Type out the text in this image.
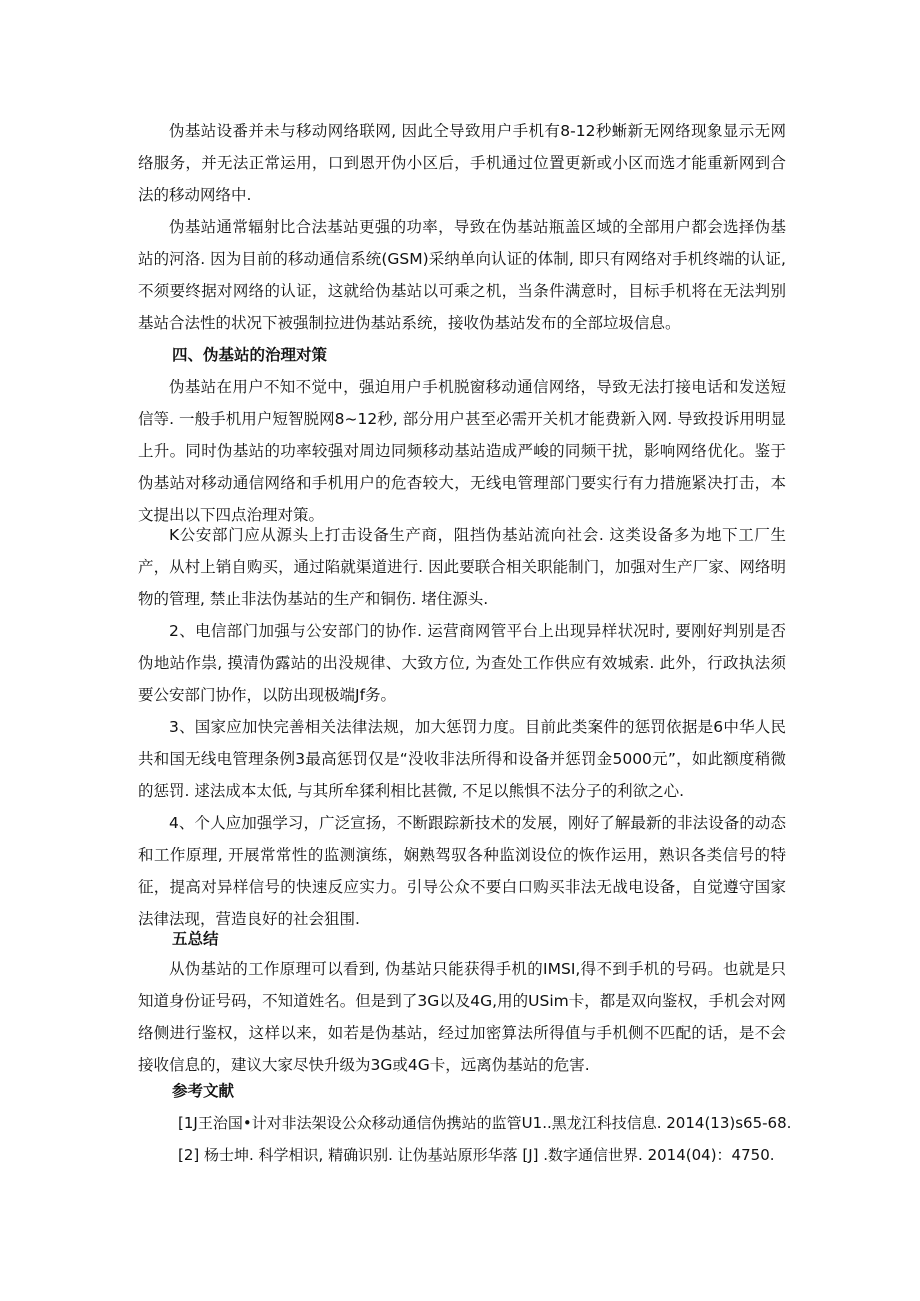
伪基站设番并未与移动网络联网, 因此仝导致用户手机有8-12秒蜥新无网络现象显示无网络服务，并无法正常运用，口到恩开伪小区后，手机通过位置更新或小区而选才能重新网到合法的移动网络中.

伪基站通常辐射比合法基站更强的功率，导致在伪基站瓶盖区域的全部用户都会选择伪基站的河洛. 因为目前的移动通信系统(GSM)采纳单向认证的体制, 即只有网络对手机终端的认证, 不须要终据对网络的认证，这就给伪基站以可乘之机，当条件满意时，目标手机将在无法判别基站合法性的状况下被强制拉进伪基站系统，接收伪基站发布的全部垃圾信息。

四、伪基站的治理对策

伪基站在用户不知不觉中，强迫用户手机脱窗移动通信网络，导致无法打接电话和发送短信等. 一般手机用户短智脱网8~12秒, 部分用户甚至必需开关机才能费新入网. 导致投诉用明显上升。同时伪基站的功率较强对周边同频移动基站造成严峻的同频干扰，影响网络优化。鉴于伪基站对移动通信网络和手机用户的危杳较大，无线电管理部门要实行有力措施紧决打击，本文提出以下四点治理对策。

K公安部门应从源头上打击设备生产商，阻挡伪基站流向社会. 这类设备多为地下工厂生产，从村上销自购买，通过陷就渠道进行. 因此要联合相关职能制门，加强对生产厂家、网络明物的管理, 禁止非法伪基站的生产和铜伤. 堵住源头.

2、电信部门加强与公安部门的协作. 运营商网管平台上出现异样状况时, 要刚好判别是否伪地站作祟, 摸清伪露站的出没规律、大致方位, 为查处工作供应有效城索. 此外，行政执法须要公安部门协作，以防出现极端Jf务。

3、国家应加快完善相关法律法规，加大惩罚力度。目前此类案件的惩罚依据是6中华人民共和国无线电管理条例3最高惩罚仅是“没收非法所得和设备并惩罚金5000元”，如此额度稍微的惩罚. 逑法成本太低, 与其所牟猱利相比甚微, 不足以熊惧不法分子的利欲之心.

4、个人应加强学习，广泛宣扬，不断跟踪新技术的发展，刚好了解最新的非法设备的动态和工作原理, 开展常常性的监测演练，娴熟驾驭各种监浏设位的恢作运用，熟识各类信号的特征，提高对异样信号的快速反应实力。引导公众不要白口购买非法无战电设备，自觉遵守国家法律法现，营造良好的社会狙围.

五总结

从伪基站的工作原理可以看到, 伪基站只能获得手机的IMSI,得不到手机的号码。也就是只知道身份证号码，不知道姓名。但是到了3G以及4G,用的USim卡，都是双向鉴权，手机会对网络侧进行鉴权，这样以来，如若是伪基站，经过加密算法所得值与手机侧不匹配的话，是不会接收信息的，建议大家尽快升级为3G或4G卡，远离伪基站的危害.

参考文献

[1J王治国•计对非法架设公众移动通信伪携站的监管U1..黑龙江科技信息. 2014(13)s65-68.

[2] 杨士坤. 科学相识, 精确识别. 让伪基站原形华落 [J] .数字通信世界. 2014(04)：4750.
